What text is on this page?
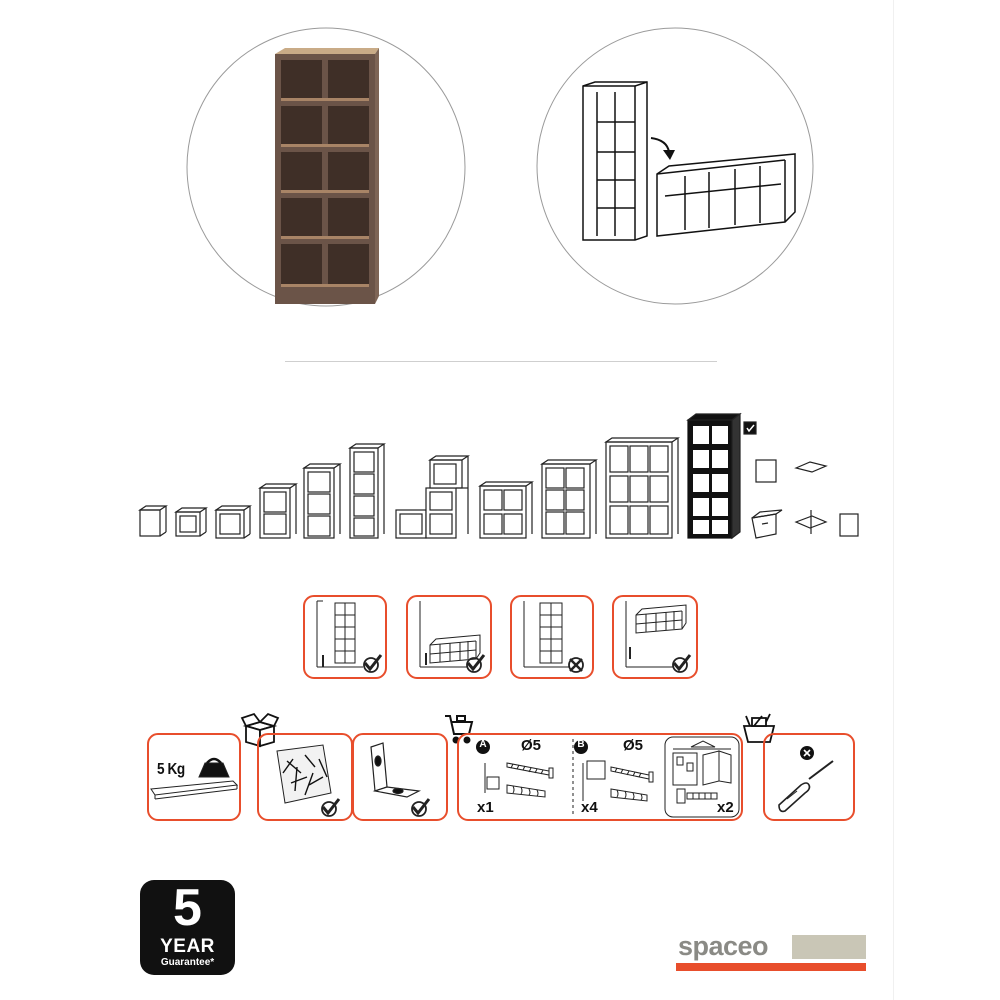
5 Kg
A Ø5
x1
B	Ø5
x4	x2
5
YEAR
Guarantee*
spaceo
